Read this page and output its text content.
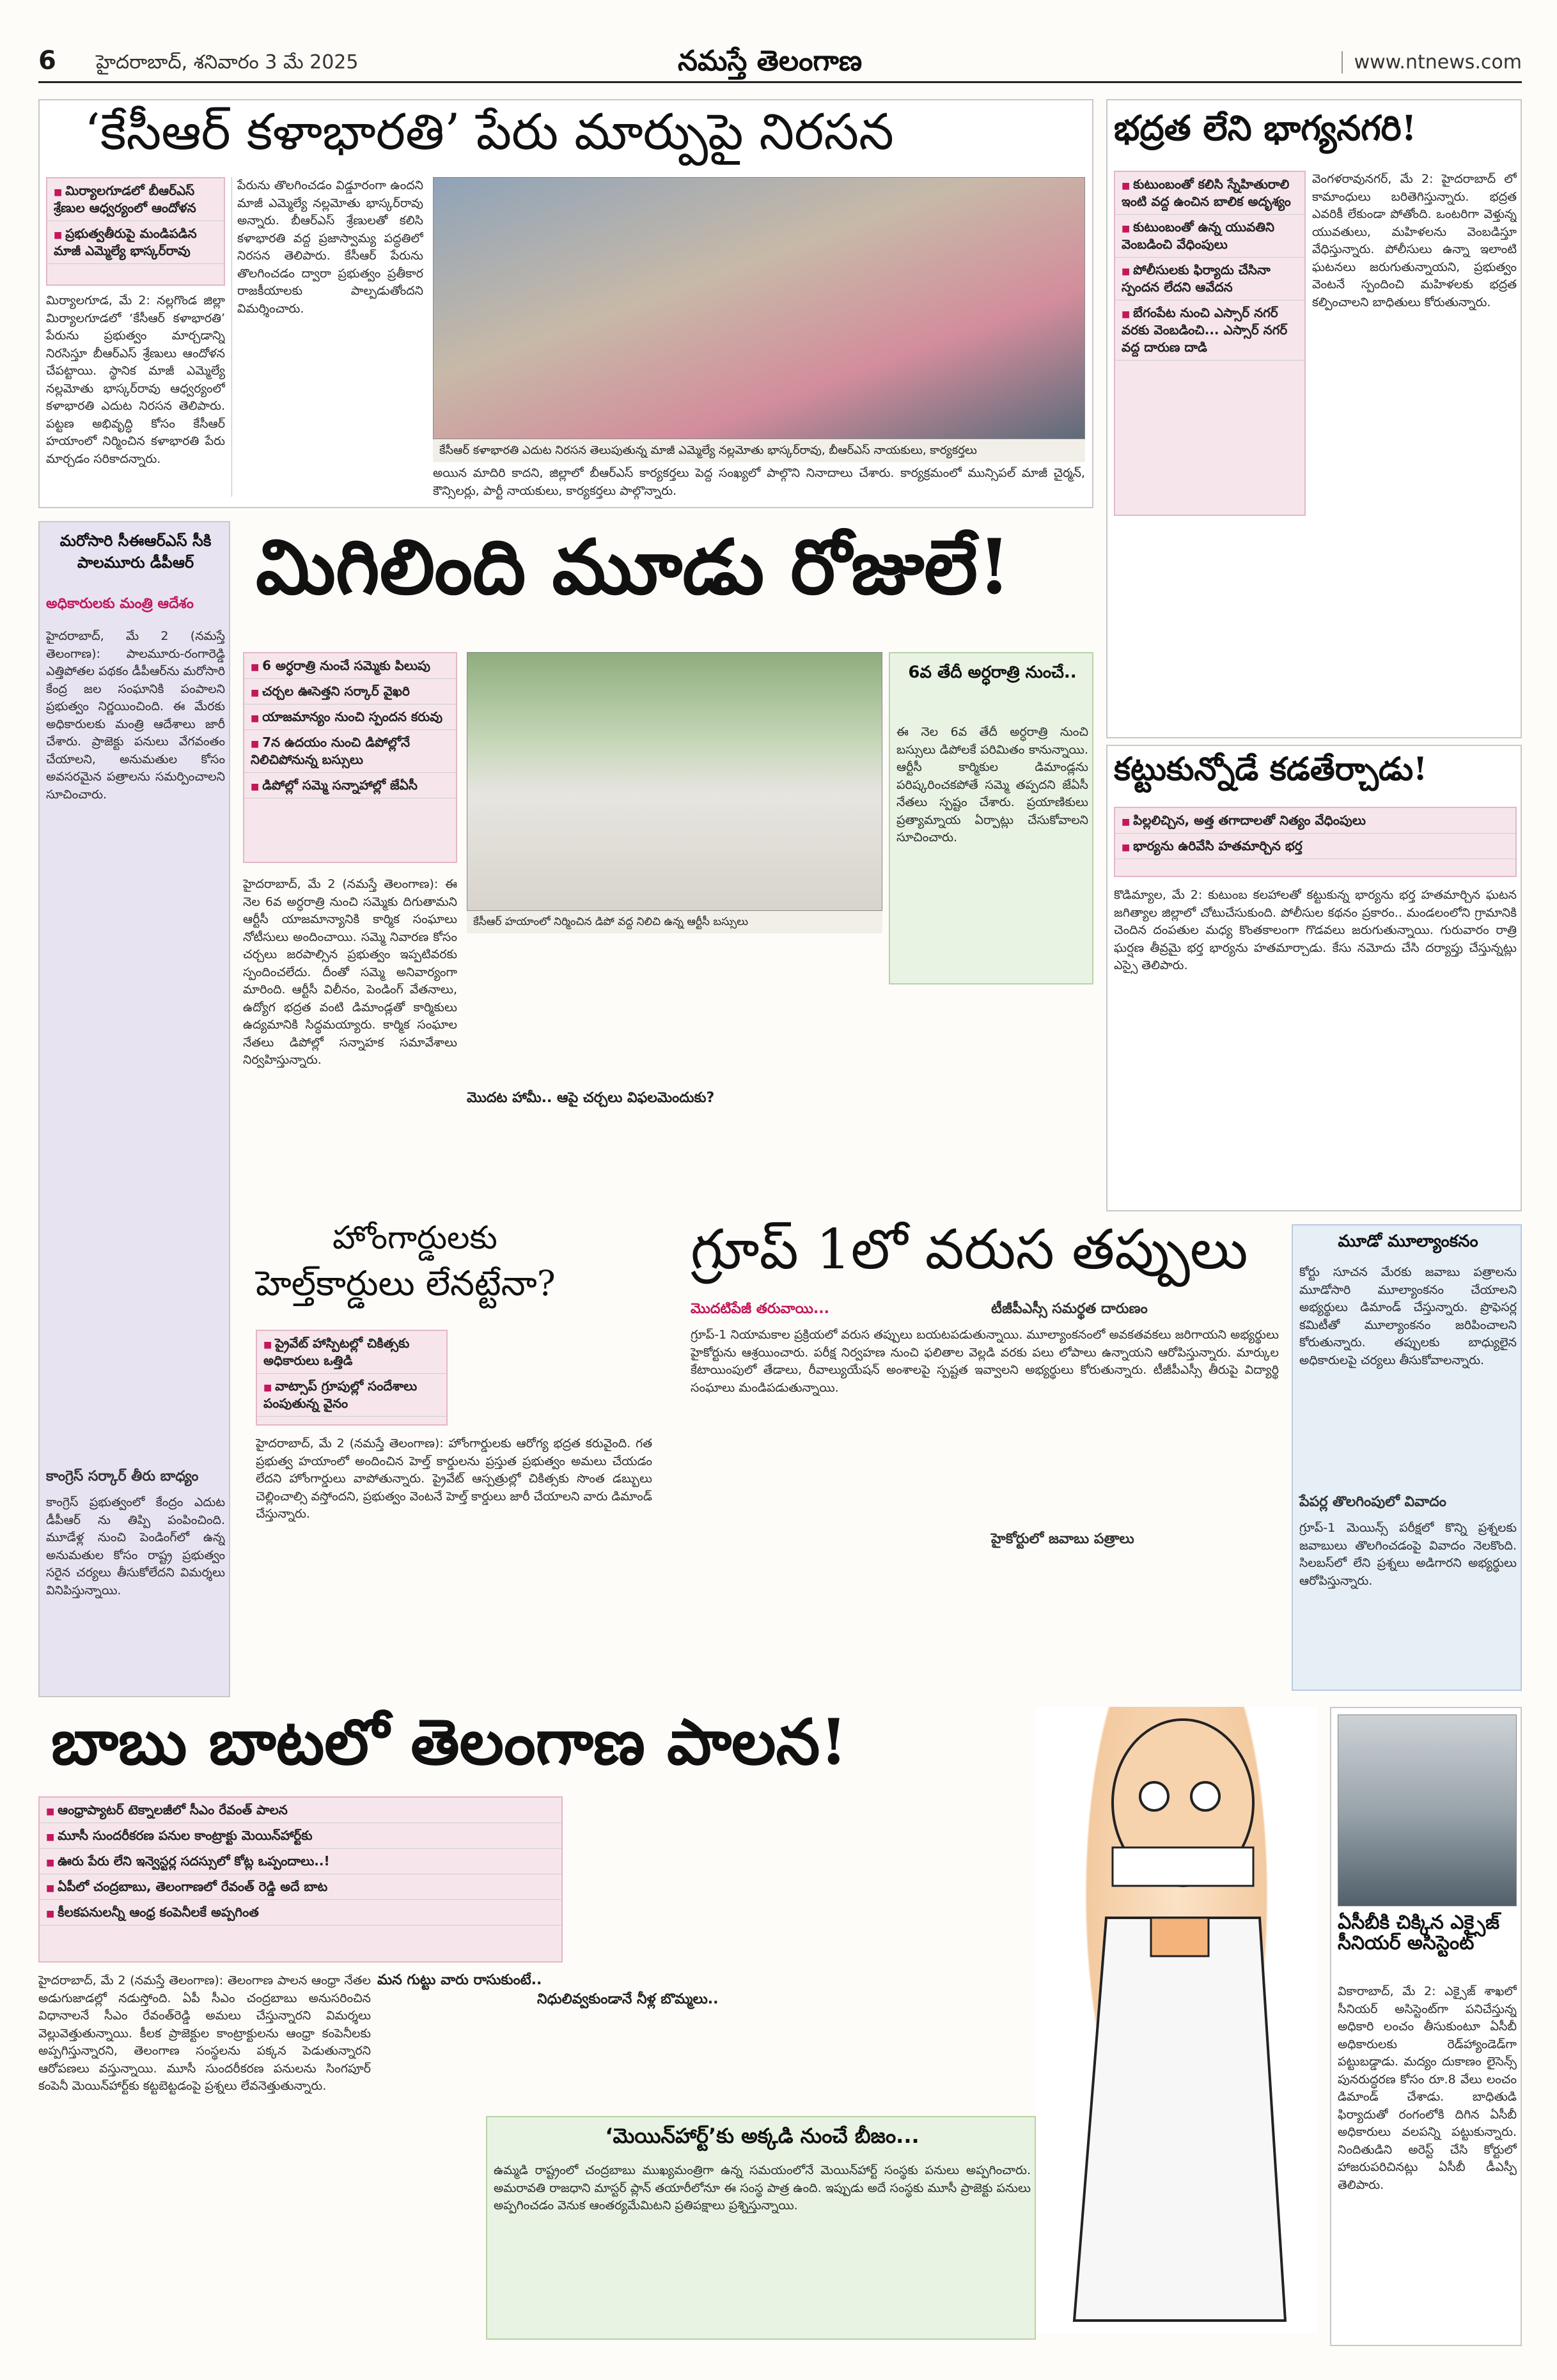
6 హైదరాబాద్, శనివారం 3 మే 2025	నమస్తే తెలంగాణ	www.ntnews.com
‘కేసీఆర్ కళాభారతి’ పేరు మార్పుపై నిరసన
■ మిర్యాలగూడలో బీఆర్ఎస్ శ్రేణుల ఆధ్వర్యంలో ఆందోళన
■ ప్రభుత్వతీరుపై మండిపడిన మాజీ ఎమ్మెల్యే భాస్కర్‌రావు
మిర్యాలగూడ, మే 2: నల్లగొండ జిల్లా మిర్యాలగూడలో ‘కేసీఆర్ కళాభారతి’ పేరును ప్రభుత్వం మార్చడాన్ని నిరసిస్తూ బీఆర్ఎస్ శ్రేణులు ఆందోళన చేపట్టాయి. స్థానిక మాజీ ఎమ్మెల్యే నల్లమోతు భాస్కర్‌రావు ఆధ్వర్యంలో కళాభారతి ఎదుట నిరసన తెలిపారు. పట్టణ అభివృద్ధి కోసం కేసీఆర్ హయాంలో నిర్మించిన కళాభారతి పేరు మార్చడం సరికాదన్నారు.
పేరును తొలగించడం విడ్డూరంగా ఉందని మాజీ ఎమ్మెల్యే నల్లమోతు భాస్కర్‌రావు అన్నారు. బీఆర్ఎస్ శ్రేణులతో కలిసి కళాభారతి వద్ద ప్రజాస్వామ్య పద్ధతిలో నిరసన తెలిపారు. కేసీఆర్ పేరును తొలగించడం ద్వారా ప్రభుత్వం ప్రతీకార రాజకీయాలకు పాల్పడుతోందని విమర్శించారు.
కేసీఆర్ కళాభారతి ఎదుట నిరసన తెలుపుతున్న మాజీ ఎమ్మెల్యే నల్లమోతు భాస్కర్‌రావు, బీఆర్ఎస్ నాయకులు, కార్యకర్తలు
అయిన మాదిరి కాదని, జిల్లాలో బీఆర్ఎస్ కార్యకర్తలు పెద్ద సంఖ్యలో పాల్గొని నినాదాలు చేశారు. కార్యక్రమంలో మున్సిపల్ మాజీ చైర్మన్, కౌన్సిలర్లు, పార్టీ నాయకులు, కార్యకర్తలు పాల్గొన్నారు.
భద్రత లేని భాగ్యనగరి!
■ కుటుంబంతో కలిసి స్నేహితురాలి ఇంటి వద్ద ఉంచిన బాలిక అదృశ్యం
■ కుటుంబంతో ఉన్న యువతిని వెంబడించి వేధింపులు
■ పోలీసులకు ఫిర్యాదు చేసినా స్పందన లేదని ఆవేదన
■ బేగంపేట నుంచి ఎస్సార్ నగర్ వరకు వెంబడించి... ఎస్సార్ నగర్ వద్ద దారుణ దాడి
వెంగళరావునగర్, మే 2: హైదరాబాద్ లో కామాంధులు బరితెగిస్తున్నారు. భద్రత ఎవరికీ లేకుండా పోతోంది. ఒంటరిగా వెళ్తున్న యువతులు, మహిళలను వెంబడిస్తూ వేధిస్తున్నారు. పోలీసులు ఉన్నా ఇలాంటి ఘటనలు జరుగుతున్నాయని, ప్రభుత్వం వెంటనే స్పందించి మహిళలకు భద్రత కల్పించాలని బాధితులు కోరుతున్నారు.
మరోసారి సీఈఆర్ఎస్ సీకి పాలమూరు డీపీఆర్
అధికారులకు మంత్రి ఆదేశం
హైదరాబాద్, మే 2 (నమస్తే తెలంగాణ): పాలమూరు-రంగారెడ్డి ఎత్తిపోతల పథకం డీపీఆర్‌ను మరోసారి కేంద్ర జల సంఘానికి పంపాలని ప్రభుత్వం నిర్ణయించింది. ఈ మేరకు అధికారులకు మంత్రి ఆదేశాలు జారీ చేశారు. ప్రాజెక్టు పనులు వేగవంతం చేయాలని, అనుమతుల కోసం అవసరమైన పత్రాలను సమర్పించాలని సూచించారు.
కాంగ్రెస్ సర్కార్ తీరు బాధ్యం
కాంగ్రెస్ ప్రభుత్వంలో కేంద్రం ఎదుట డీపీఆర్ ను తిప్పి పంపించింది. మూడేళ్ల నుంచి పెండింగ్‌లో ఉన్న అనుమతుల కోసం రాష్ట్ర ప్రభుత్వం సరైన చర్యలు తీసుకోలేదని విమర్శలు వినిపిస్తున్నాయి.
మిగిలింది మూడు రోజులే!
■ 6 అర్ధరాత్రి నుంచే సమ్మెకు పిలుపు
■ చర్చల ఊసెత్తని సర్కార్ వైఖరి
■ యాజమాన్యం నుంచి స్పందన కరువు
■ 7న ఉదయం నుంచి డిపోల్లోనే నిలిచిపోనున్న బస్సులు
■ డిపోల్లో సమ్మె సన్నాహాల్లో జేఏసీ
కేసీఆర్ హయాంలో నిర్మించిన డిపో వద్ద నిలిచి ఉన్న ఆర్టీసీ బస్సులు
6వ తేదీ అర్ధరాత్రి నుంచే..
ఈ నెల 6వ తేదీ అర్ధరాత్రి నుంచి బస్సులు డిపోలకే పరిమితం కానున్నాయి. ఆర్టీసీ కార్మికుల డిమాండ్లను పరిష్కరించకపోతే సమ్మె తప్పదని జేఏసీ నేతలు స్పష్టం చేశారు. ప్రయాణికులు ప్రత్యామ్నాయ ఏర్పాట్లు చేసుకోవాలని సూచించారు.
హైదరాబాద్, మే 2 (నమస్తే తెలంగాణ): ఈ నెల 6వ అర్ధరాత్రి నుంచి సమ్మెకు దిగుతామని ఆర్టీసీ యాజమాన్యానికి కార్మిక సంఘాలు నోటీసులు అందించాయి. సమ్మె నివారణ కోసం చర్చలు జరపాల్సిన ప్రభుత్వం ఇప్పటివరకు స్పందించలేదు. దీంతో సమ్మె అనివార్యంగా మారింది. ఆర్టీసీ విలీనం, పెండింగ్ వేతనాలు, ఉద్యోగ భద్రత వంటి డిమాండ్లతో కార్మికులు ఉద్యమానికి సిద్ధమయ్యారు. కార్మిక సంఘాల నేతలు డిపోల్లో సన్నాహక సమావేశాలు నిర్వహిస్తున్నారు.
మొదట హామీ.. ఆపై చర్చలు విఫలమెందుకు?
కట్టుకున్నోడే కడతేర్చాడు!
■ పిల్లలిచ్చిన, అత్త తగాదాలతో నిత్యం వేధింపులు
■ భార్యను ఉరివేసి హతమార్చిన భర్త
కొడిమ్యాల, మే 2: కుటుంబ కలహాలతో కట్టుకున్న భార్యను భర్త హతమార్చిన ఘటన జగిత్యాల జిల్లాలో చోటుచేసుకుంది. పోలీసుల కథనం ప్రకారం.. మండలంలోని గ్రామానికి చెందిన దంపతుల మధ్య కొంతకాలంగా గొడవలు జరుగుతున్నాయి. గురువారం రాత్రి ఘర్షణ తీవ్రమై భర్త భార్యను హతమార్చాడు. కేసు నమోదు చేసి దర్యాప్తు చేస్తున్నట్లు ఎస్సై తెలిపారు.
హోంగార్డులకు
హెల్త్‌కార్డులు లేనట్టేనా?
■ ప్రైవేట్ హాస్పిటల్లో చికిత్సకు అధికారులు ఒత్తిడి
■ వాట్సాప్ గ్రూపుల్లో సందేశాలు పంపుతున్న వైనం
హైదరాబాద్, మే 2 (నమస్తే తెలంగాణ): హోంగార్డులకు ఆరోగ్య భద్రత కరువైంది. గత ప్రభుత్వ హయాంలో అందించిన హెల్త్ కార్డులను ప్రస్తుత ప్రభుత్వం అమలు చేయడం లేదని హోంగార్డులు వాపోతున్నారు. ప్రైవేట్ ఆస్పత్రుల్లో చికిత్సకు సొంత డబ్బులు చెల్లించాల్సి వస్తోందని, ప్రభుత్వం వెంటనే హెల్త్ కార్డులు జారీ చేయాలని వారు డిమాండ్ చేస్తున్నారు.
గ్రూప్ 1లో వరుస తప్పులు
మొదటిపేజీ తరువాయి...	టీజీపీఎస్సీ సమర్థత దారుణం
గ్రూప్-1 నియామకాల ప్రక్రియలో వరుస తప్పులు బయటపడుతున్నాయి. మూల్యాంకనంలో అవకతవకలు జరిగాయని అభ్యర్థులు హైకోర్టును ఆశ్రయించారు. పరీక్ష నిర్వహణ నుంచి ఫలితాల వెల్లడి వరకు పలు లోపాలు ఉన్నాయని ఆరోపిస్తున్నారు. మార్కుల కేటాయింపులో తేడాలు, రీవాల్యుయేషన్ అంశాలపై స్పష్టత ఇవ్వాలని అభ్యర్థులు కోరుతున్నారు. టీజీపీఎస్సీ తీరుపై విద్యార్థి సంఘాలు మండిపడుతున్నాయి.
హైకోర్టులో జవాబు పత్రాలు
మూడో మూల్యాంకనం
కోర్టు సూచన మేరకు జవాబు పత్రాలను మూడోసారి మూల్యాంకనం చేయాలని అభ్యర్థులు డిమాండ్ చేస్తున్నారు. ప్రొఫెసర్ల కమిటీతో మూల్యాంకనం జరిపించాలని కోరుతున్నారు. తప్పులకు బాధ్యులైన అధికారులపై చర్యలు తీసుకోవాలన్నారు.
పేపర్ల తొలగింపులో వివాదం
గ్రూప్-1 మెయిన్స్ పరీక్షలో కొన్ని ప్రశ్నలకు జవాబులు తొలగించడంపై వివాదం నెలకొంది. సిలబస్‌లో లేని ప్రశ్నలు అడిగారని అభ్యర్థులు ఆరోపిస్తున్నారు.
బాబు బాటలో తెలంగాణ పాలన!
■ ఆంధ్రాప్యాటర్ టెక్నాలజీలో సీఎం రేవంత్ పాలన
■ మూసీ సుందరీకరణ పనుల కాంట్రాక్టు మెయిన్‌హార్ట్‌కు
■ ఊరు పేరు లేని ఇన్వెస్టర్ల సదస్సులో కోట్ల ఒప్పందాలు..!
■ ఏపీలో చంద్రబాబు, తెలంగాణలో రేవంత్ రెడ్డి అదే బాట
■ కీలకపనులన్నీ ఆంధ్ర కంపెనీలకే అప్పగింత
హైదరాబాద్, మే 2 (నమస్తే తెలంగాణ): తెలంగాణ పాలన ఆంధ్రా నేతల అడుగుజాడల్లో నడుస్తోంది. ఏపీ సీఎం చంద్రబాబు అనుసరించిన విధానాలనే సీఎం రేవంత్‌రెడ్డి అమలు చేస్తున్నారని విమర్శలు వెల్లువెత్తుతున్నాయి. కీలక ప్రాజెక్టుల కాంట్రాక్టులను ఆంధ్రా కంపెనీలకు అప్పగిస్తున్నారని, తెలంగాణ సంస్థలను పక్కన పెడుతున్నారని ఆరోపణలు వస్తున్నాయి. మూసీ సుందరీకరణ పనులను సింగపూర్ కంపెనీ మెయిన్‌హార్ట్‌కు కట్టబెట్టడంపై ప్రశ్నలు లేవనెత్తుతున్నారు.
మన గుట్టు వారు రాసుకుంటే..
నిధులివ్వకుండానే నీళ్ల బొమ్మలు..
‘మెయిన్‌హార్ట్’కు అక్కడి నుంచే బీజం...
ఉమ్మడి రాష్ట్రంలో చంద్రబాబు ముఖ్యమంత్రిగా ఉన్న సమయంలోనే మెయిన్‌హార్ట్ సంస్థకు పనులు అప్పగించారు. అమరావతి రాజధాని మాస్టర్ ప్లాన్ తయారీలోనూ ఈ సంస్థ పాత్ర ఉంది. ఇప్పుడు అదే సంస్థకు మూసీ ప్రాజెక్టు పనులు అప్పగించడం వెనుక ఆంతర్యమేమిటని ప్రతిపక్షాలు ప్రశ్నిస్తున్నాయి.
ఏసీబీకి చిక్కిన ఎక్సైజ్ సీనియర్ అసిస్టెంట్
వికారాబాద్, మే 2: ఎక్సైజ్ శాఖలో సీనియర్ అసిస్టెంట్‌గా పనిచేస్తున్న అధికారి లంచం తీసుకుంటూ ఏసీబీ అధికారులకు రెడ్‌హ్యాండెడ్‌గా పట్టుబడ్డాడు. మద్యం దుకాణం లైసెన్స్ పునరుద్ధరణ కోసం రూ.8 వేలు లంచం డిమాండ్ చేశాడు. బాధితుడి ఫిర్యాదుతో రంగంలోకి దిగిన ఏసీబీ అధికారులు వలపన్ని పట్టుకున్నారు. నిందితుడిని అరెస్ట్ చేసి కోర్టులో హాజరుపరిచినట్లు ఏసీబీ డీఎస్పీ తెలిపారు.
